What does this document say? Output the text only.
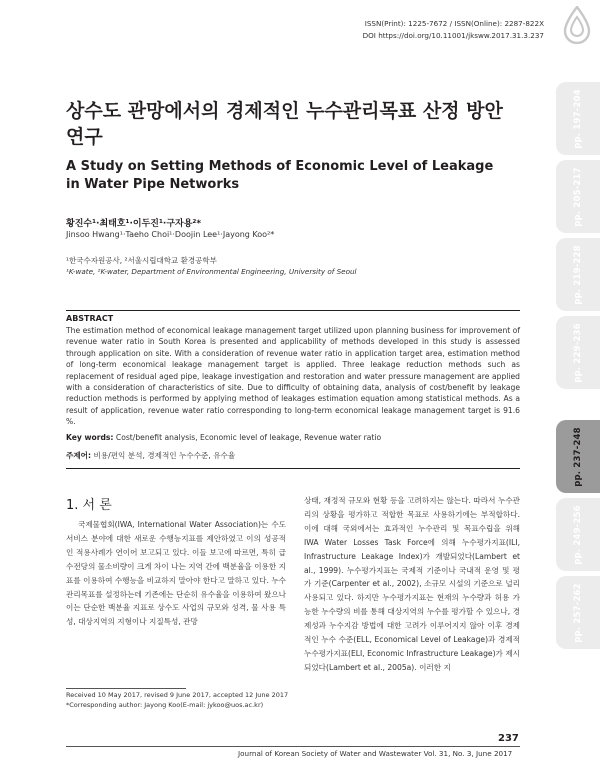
ISSN(Print): 1225-7672 / ISSN(Online): 2287-822X
DOI https://doi.org/10.11001/jksww.2017.31.3.237
pp. 197-204
pp. 205-217
pp. 219-228
pp. 229-236
pp. 237-248
pp. 249-256
pp. 257-262
상수도 관망에서의 경제적인 누수관리목표 산정 방안 연구
A Study on Setting Methods of Economic Level of Leakage in Water Pipe Networks
황진수¹·최태호¹·이두진¹·구자용²*
Jinsoo Hwang¹·Taeho Choi¹·Doojin Lee¹·Jayong Koo²*
¹한국수자원공사, ²서울시립대학교 환경공학부
¹K-wate, ²K-water, Department of Environmental Engineering, University of Seoul
ABSTRACT
The estimation method of economical leakage management target utilized upon planning business for improvement of revenue water ratio in South Korea is presented and applicability of methods developed in this study is assessed through application on site. With a consideration of revenue water ratio in application target area, estimation method of long-term economical leakage management target is applied. Three leakage reduction methods such as replacement of residual aged pipe, leakage investigation and restoration and water pressure management are applied with a consideration of characteristics of site. Due to difficulty of obtaining data, analysis of cost/benefit by leakage reduction methods is performed by applying method of leakages estimation equation among statistical methods. As a result of application, revenue water ratio corresponding to long-term economical leakage management target is 91.6 %.
Key words: Cost/benefit analysis, Economic level of leakage, Revenue water ratio
주제어: 비용/편익 분석, 경제적인 누수수준, 유수율
1. 서 론
국제물협회(IWA, International Water Association)는 수도서비스 분야에 대한 새로운 수행능지표를 제안하였고 이의 성공적인 적용사례가 연이어 보고되고 있다. 이들 보고에 따르면, 특히 급수전당의 물소비량이 크게 차이 나는 지역 간에 백분율을 이용한 지표를 이용하여 수행능을 비교하지 말아야 한다고 말하고 있다. 누수관리목표를 설정하는데 기존에는 단순히 유수율을 이용하여 왔으나 이는 단순한 백분율 지표로 상수도 사업의 규모와 성격, 물 사용 특성, 대상지역의 지형이나 지질특성, 관망
상태, 재정적 규모와 현황 등을 고려하지는 않는다. 따라서 누수관리의 상황을 평가하고 적합한 목표로 사용하기에는 부적합하다. 이에 대해 국외에서는 효과적인 누수관리 및 목표수립을 위해 IWA Water Losses Task Force에 의해 누수평가지표(ILI, Infrastructure Leakage Index)가 개발되었다(Lambert et al., 1999). 누수평가지표는 국제적 기준이나 국내적 운영 및 평가 기준(Carpenter et al., 2002), 소규모 시설의 기준으로 널리 사용되고 있다. 하지만 누수평가지표는 현재의 누수량과 허용 가능한 누수량의 비를 통해 대상지역의 누수를 평가할 수 있으나, 경제성과 누수지감 방법에 대한 고려가 이루어지지 않아 이후 경제적인 누수 수준(ELL, Economical Level of Leakage)과 경제적 누수평가지표(ELI, Economic Infrastructure Leakage)가 제시되었다(Lambert et al., 2005a). 이러한 지
Received 10 May 2017, revised 9 June 2017, accepted 12 June 2017
*Corresponding author: Jayong Koo(E-mail: jykoo@uos.ac.kr)
237
Journal of Korean Society of Water and Wastewater Vol. 31, No. 3, June 2017
